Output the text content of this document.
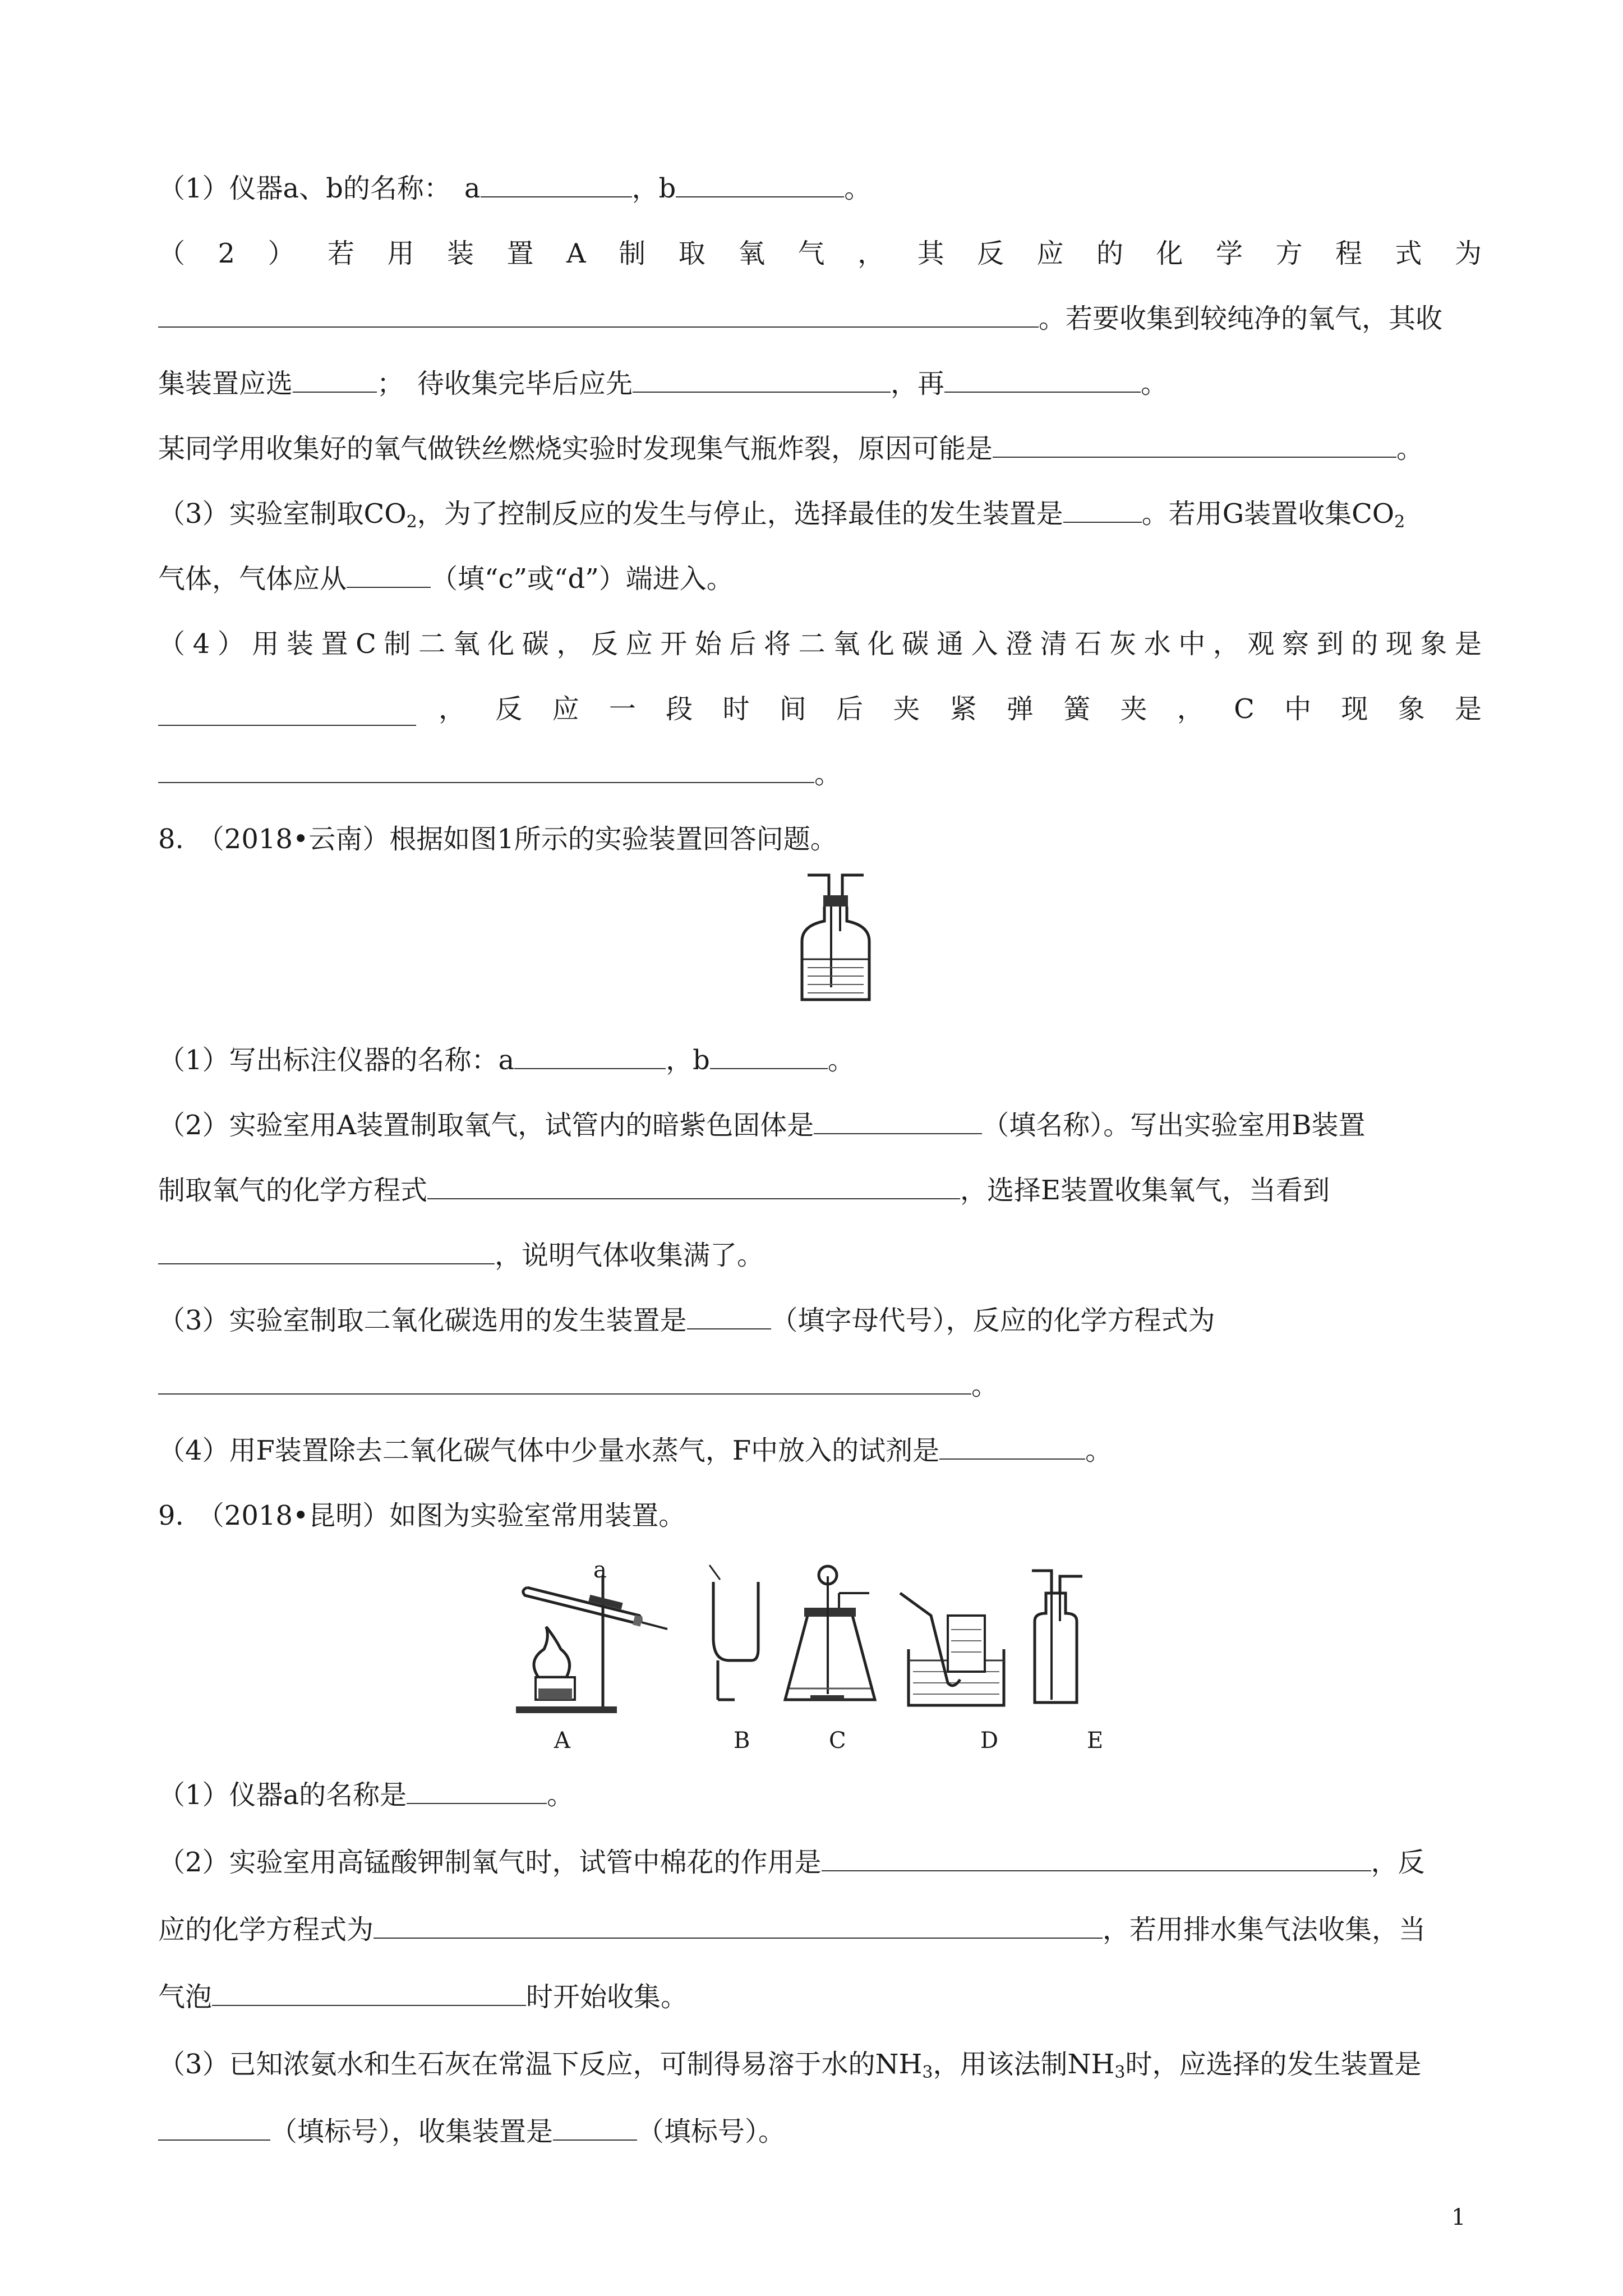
（1）仪器a、b的名称：　a	，b	。
（2）若用装置A制取氧气，其反应的化学方程式为
。若要收集到较纯净的氧气，其收
集装置应选	；　待收集完毕后应先	，再	。
某同学用收集好的氧气做铁丝燃烧实验时发现集气瓶炸裂，原因可能是	。
（3）实验室制取$CO_2$，为了控制反应的发生与停止，选择最佳的发生装置是	。若用G装置收集$CO_2$
气体，气体应从	（填“c”或“d”）端进入。
（4）用装置C制二氧化碳，反应开始后将二氧化碳通入澄清石灰水中，观察到的现象是
，反应一段时间后夹紧弹簧夹，C中现象是
。
8.　（2018•云南）根据如图1所示的实验装置回答问题。
（1）写出标注仪器的名称：a	，b	。
（2）实验室用A装置制取氧气，试管内的暗紫色固体是	（填名称）。写出实验室用B装置
制取氧气的化学方程式	，选择E装置收集氧气，当看到
，说明气体收集满了。
（3）实验室制取二氧化碳选用的发生装置是	（填字母代号），反应的化学方程式为
。
（4）用F装置除去二氧化碳气体中少量水蒸气，F中放入的试剂是	。
9.　（2018•昆明）如图为实验室常用装置。
a
A	B	C	D	E
（1）仪器a的名称是	。
（2）实验室用高锰酸钾制氧气时，试管中棉花的作用是	，反
应的化学方程式为	，若用排水集气法收集，当
气泡	时开始收集。
（3）已知浓氨水和生石灰在常温下反应，可制得易溶于水的$NH_3$，用该法制$NH_3$时，应选择的发生装置是
（填标号），收集装置是	（填标号）。
1
